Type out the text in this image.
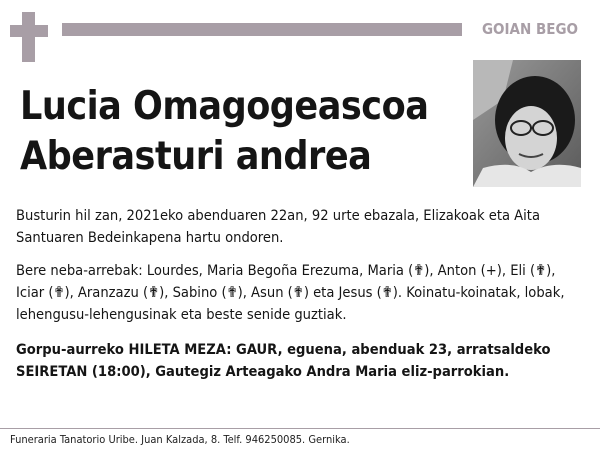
GOIAN BEGO
Lucia Omagogeascoa
Aberasturi andrea
Busturin hil zan, 2021eko abenduaren 22an, 92 urte ebazala, Elizakoak eta Aita Santuaren Bedeinkapena hartu ondoren.
Bere neba-arrebak: Lourdes, Maria Begoña Erezuma, Maria (✟), Anton (+), Eli (✟), Iciar (✟), Aranzazu (✟), Sabino (✟), Asun (✟) eta Jesus (✟). Koinatu-koinatak, lobak, lehengusu-lehengusinak eta beste senide guztiak.
Gorpu-aurreko HILETA MEZA: GAUR, eguena, abenduak 23, arratsaldeko SEIRETAN (18:00), Gautegiz Arteagako Andra Maria eliz-parrokian.
Funeraria Tanatorio Uribe. Juan Kalzada, 8. Telf. 946250085. Gernika.
